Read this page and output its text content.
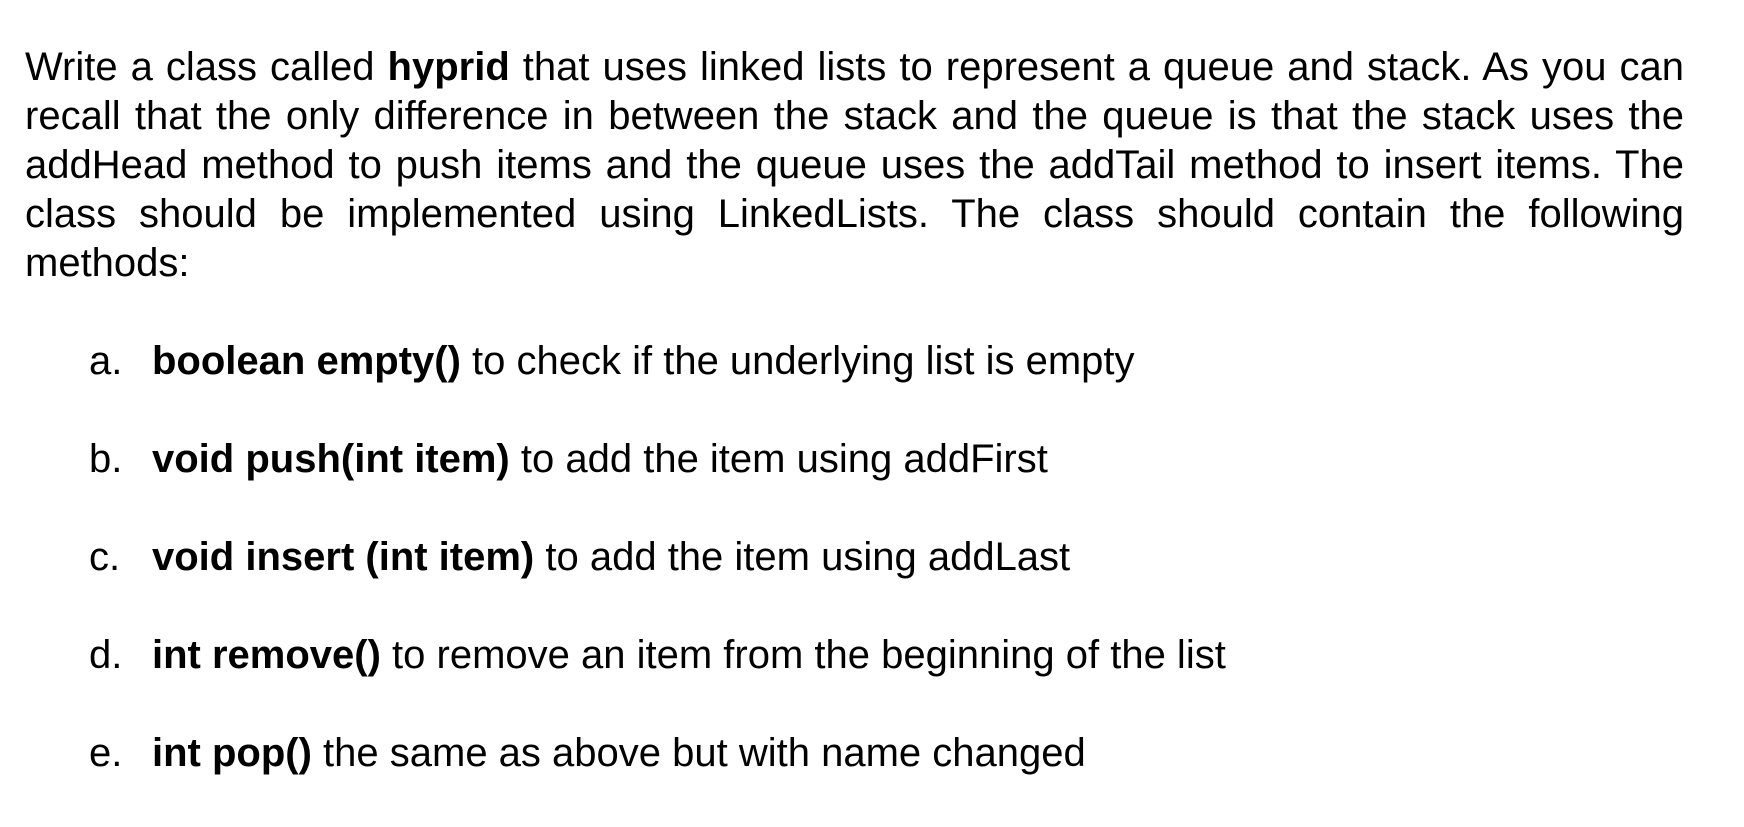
Write a class called hyprid that uses linked lists to represent a queue and stack. As you can recall that the only difference in between the stack and the queue is that the stack uses the addHead method to push items and the queue uses the addTail method to insert items. The class should be implemented using LinkedLists. The class should contain the following methods:

a. boolean empty() to check if the underlying list is empty
b. void push(int item) to add the item using addFirst
c. void insert (int item) to add the item using addLast
d. int remove() to remove an item from the beginning of the list
e. int pop() the same as above but with name changed
